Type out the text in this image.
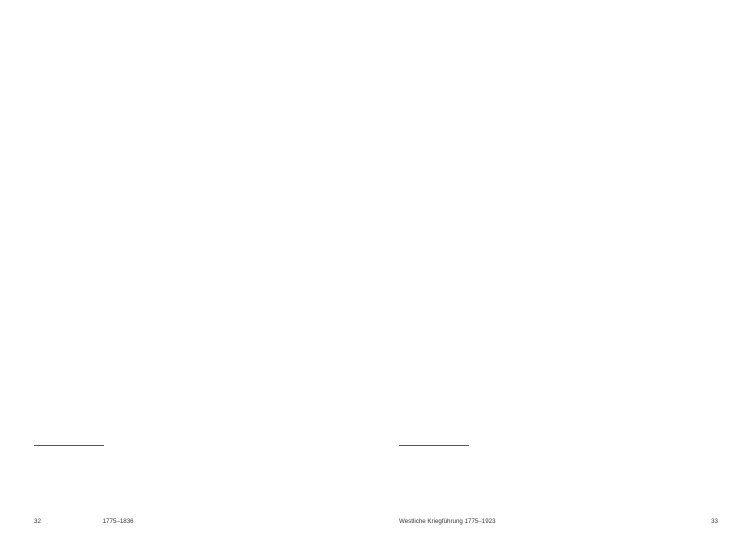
32	1775–1836	Westliche Kriegführung 1775–1923	33
